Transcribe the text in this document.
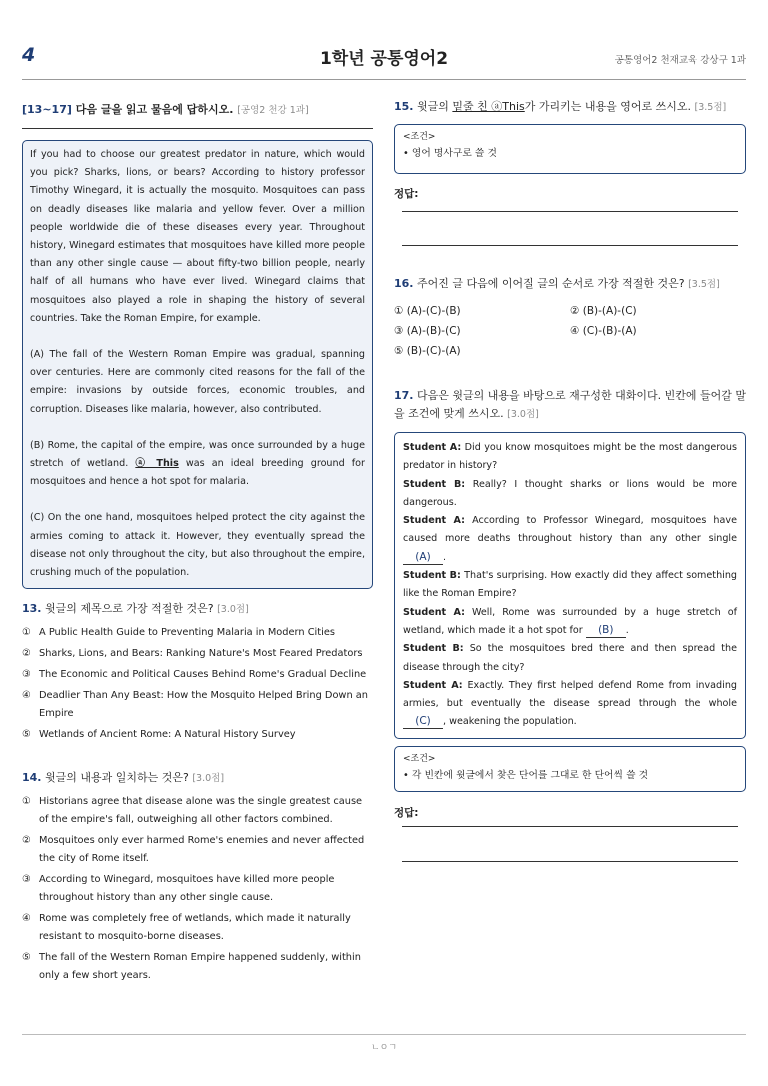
4	1학년 공통영어2	공통영어2 천재교육 강상구 1과
[13~17] 다음 글을 읽고 물음에 답하시오. [공영2 천강 1과]

If you had to choose our greatest predator in nature, which would you pick? Sharks, lions, or bears? According to history professor Timothy Winegard, it is actually the mosquito. Mosquitoes can pass on deadly diseases like malaria and yellow fever. Over a million people worldwide die of these diseases every year. Throughout history, Winegard estimates that mosquitoes have killed more people than any other single cause — about fifty-two billion people, nearly half of all humans who have ever lived. Winegard claims that mosquitoes also played a role in shaping the history of several countries. Take the Roman Empire, for example.

(A) The fall of the Western Roman Empire was gradual, spanning over centuries. Here are commonly cited reasons for the fall of the empire: invasions by outside forces, economic troubles, and corruption. Diseases like malaria, however, also contributed.

(B) Rome, the capital of the empire, was once surrounded by a huge stretch of wetland. ⓐ This was an ideal breeding ground for mosquitoes and hence a hot spot for malaria.

(C) On the one hand, mosquitoes helped protect the city against the armies coming to attack it. However, they eventually spread the disease not only throughout the city, but also throughout the empire, crushing much of the population.

13. 윗글의 제목으로 가장 적절한 것은? [3.0점]
① A Public Health Guide to Preventing Malaria in Modern Cities
② Sharks, Lions, and Bears: Ranking Nature's Most Feared Predators
③ The Economic and Political Causes Behind Rome's Gradual Decline
④ Deadlier Than Any Beast: How the Mosquito Helped Bring Down an Empire
⑤ Wetlands of Ancient Rome: A Natural History Survey
14. 윗글의 내용과 일치하는 것은? [3.0점]
① Historians agree that disease alone was the single greatest cause of the empire's fall, outweighing all other factors combined.
② Mosquitoes only ever harmed Rome's enemies and never affected the city of Rome itself.
③ According to Winegard, mosquitoes have killed more people throughout history than any other single cause.
④ Rome was completely free of wetlands, which made it naturally resistant to mosquito-borne diseases.
⑤ The fall of the Western Roman Empire happened suddenly, within only a few short years.
15. 윗글의 밑줄 친 ⓐThis가 가리키는 내용을 영어로 쓰시오. [3.5점]
<조건>
• 영어 명사구로 쓸 것
정답:
16. 주어진 글 다음에 이어질 글의 순서로 가장 적절한 것은? [3.5점]
① (A)-(C)-(B)	② (B)-(A)-(C)
③ (A)-(B)-(C)	④ (C)-(B)-(A)
⑤ (B)-(C)-(A)
17. 다음은 윗글의 내용을 바탕으로 재구성한 대화이다. 빈칸에 들어갈 말을 조건에 맞게 쓰시오. [3.0점]
Student A: Did you know mosquitoes might be the most dangerous predator in history?
Student B: Really? I thought sharks or lions would be more dangerous.
Student A: According to Professor Winegard, mosquitoes have caused more deaths throughout history than any other single (A) .
Student B: That's surprising. How exactly did they affect something like the Roman Empire?
Student A: Well, Rome was surrounded by a huge stretch of wetland, which made it a hot spot for (B) .
Student B: So the mosquitoes bred there and then spread the disease through the city?
Student A: Exactly. They first helped defend Rome from invading armies, but eventually the disease spread through the whole (C) , weakening the population.
<조건>
• 각 빈칸에 윗글에서 찾은 단어를 그대로 한 단어씩 쓸 것
정답:
ㄴㅇㄱ
